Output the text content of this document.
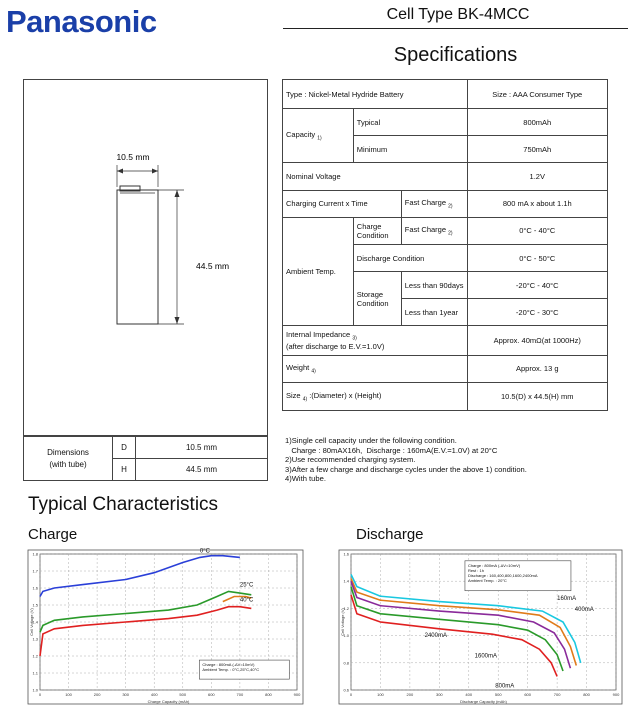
Panasonic	Cell Type BK-4MCC
Specifications
10.5 mm
44.5 mm
Dimensions
(with tube)	D	10.5 mm
	H	44.5 mm
Type : Nickel-Metal Hydride Battery			Size : AAA Consumer Type
Capacity $_{1)}$	Typical		800mAh
	Minimum		750mAh
Nominal Voltage			1.2V
Charging Current x Time		Fast Charge $_{2)}$	800 mA x about 1.1h
Ambient Temp.	Charge Condition	Fast Charge $_{2)}$	0°C - 40°C
	Discharge Condition		0°C - 50°C
	Storage Condition	Less than 90days	-20°C - 40°C
		Less than 1year	-20°C - 30°C

Internal Impedance $_{3)}$
(after discharge to E.V.=1.0V)			Approx. 40mΩ(at 1000Hz)
Weight $_{4)}$			Approx. 13 g
Size $_{4)}$ :(Diameter) x (Height)			10.5(D) x 44.5(H) mm
1)Single cell capacity under the following condition.
Charge : 80mAX16h,  Discharge : 160mA(E.V.=1.0V) at 20°C
2)Use recommended charging system.
3)After a few charge and discharge cycles under the above 1) condition.
4)With tube.
Typical Characteristics
Charge	Discharge
0	100	200	300	400	500	600	700	800	900
1.0
1.1
1.2
1.3
1.4
1.5
1.6
1.7
1.8
Charge Capacity (mAh)
Cell Voltage (V)
0°C
25°C
40°C
Charge : 800mA (-ΔV=10mV)
Ambient Temp. : 0°C,25°C,40°C
0	100	200	300	400	500	600	700	800	900
0.6
0.8
1.0
1.2
1.4
1.6
Discharge Capacity (mAh)
Cell Voltage (V)
160mA
400mA
800mA
1600mA
2400mA
Charge : 800mA (-ΔV=10mV)
Rest : 1h
Discharge : 160,400,800,1600,2400mA
Ambient Temp. : 20°C
